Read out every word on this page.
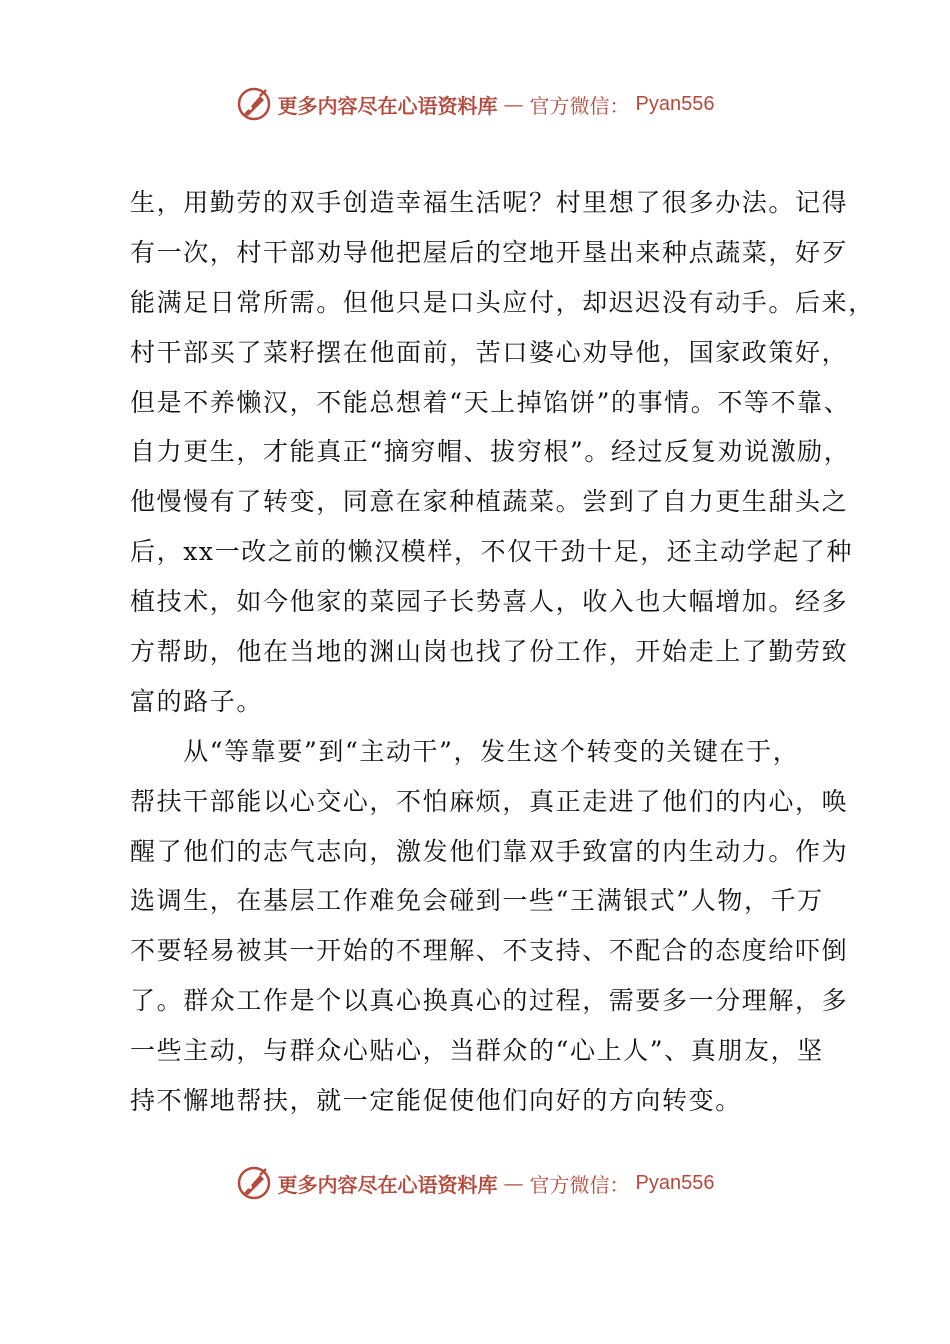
更多内容尽在心语资料库 — 官方微信： Pyan556
生，用勤劳的双手创造幸福生活呢？村里想了很多办法。记得
有一次，村干部劝导他把屋后的空地开垦出来种点蔬菜，好歹
能满足日常所需。但他只是口头应付，却迟迟没有动手。后来，
村干部买了菜籽摆在他面前，苦口婆心劝导他，国家政策好，
但是不养懒汉，不能总想着“天上掉馅饼”的事情。不等不靠、
自力更生，才能真正“摘穷帽、拔穷根”。经过反复劝说激励，
他慢慢有了转变，同意在家种植蔬菜。尝到了自力更生甜头之
后，xx一改之前的懒汉模样，不仅干劲十足，还主动学起了种
植技术，如今他家的菜园子长势喜人，收入也大幅增加。经多
方帮助，他在当地的渊山岗也找了份工作，开始走上了勤劳致
富的路子。
　　从“等靠要”到“主动干”，发生这个转变的关键在于，
帮扶干部能以心交心，不怕麻烦，真正走进了他们的内心，唤
醒了他们的志气志向，激发他们靠双手致富的内生动力。作为
选调生，在基层工作难免会碰到一些“王满银式”人物，千万
不要轻易被其一开始的不理解、不支持、不配合的态度给吓倒
了。群众工作是个以真心换真心的过程，需要多一分理解，多
一些主动，与群众心贴心，当群众的“心上人”、真朋友，坚
持不懈地帮扶，就一定能促使他们向好的方向转变。
更多内容尽在心语资料库 — 官方微信： Pyan556
